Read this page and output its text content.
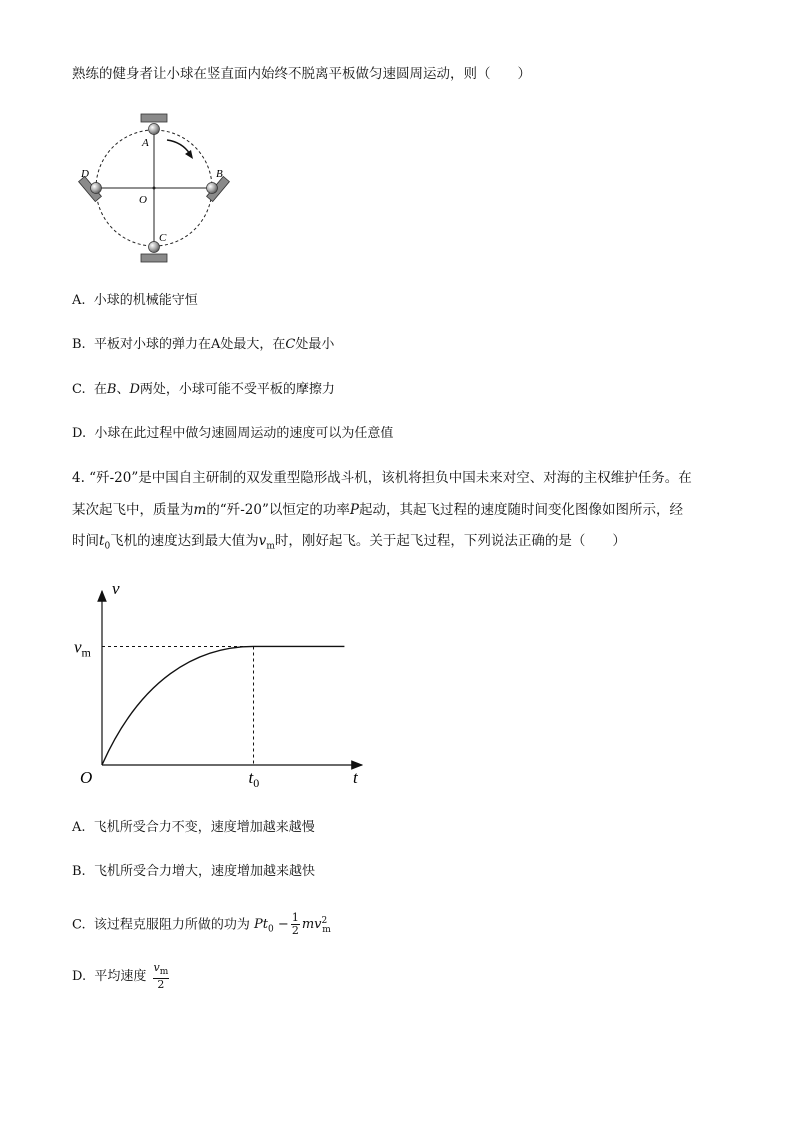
熟练的健身者让小球在竖直面内始终不脱离平板做匀速圆周运动，则（　　）
A
B
C
D
O
A. 小球的机械能守恒
B. 平板对小球的弹力在A处最大，在C处最小
C. 在B、D两处，小球可能不受平板的摩擦力
D. 小球在此过程中做匀速圆周运动的速度可以为任意值
4. “歼-20”是中国自主研制的双发重型隐形战斗机，该机将担负中国未来对空、对海的主权维护任务。在
某次起飞中，质量为m的“歼-20”以恒定的功率P起动，其起飞过程的速度随时间变化图像如图所示，经
时间$t_0$飞机的速度达到最大值为$v_m$时，刚好起飞。关于起飞过程，下列说法正确的是（　　）
v
t
O
$v_m$
$t_0$
A. 飞机所受合力不变，速度增加越来越慢
B. 飞机所受合力增大，速度增加越来越快
C. 该过程克服阻力所做的功为 $Pt_0 - \frac{1}{2} mv^2_m$
D. 平均速度 $\frac{v_m}{2}$
